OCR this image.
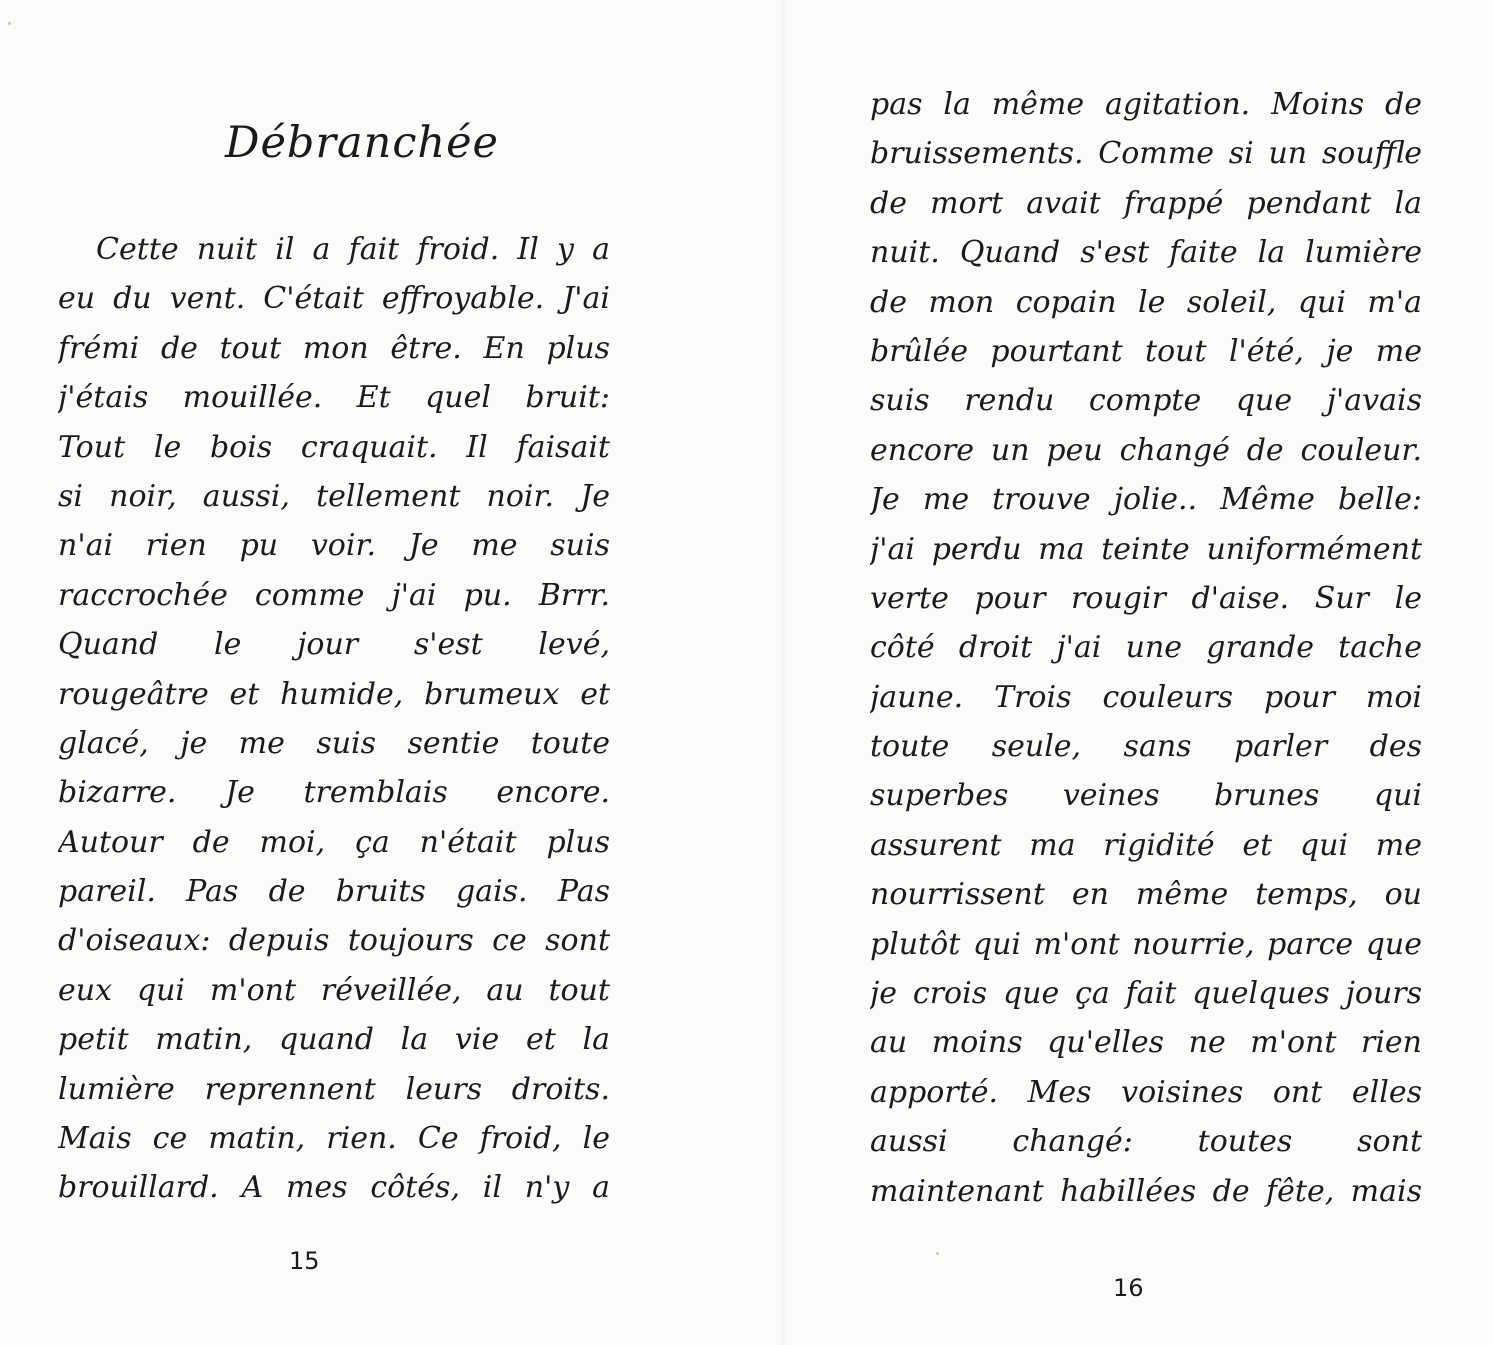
Débranchée
Cette nuit il a fait froid. Il y a
eu du vent. C'était effroyable. J'ai
frémi de tout mon être. En plus
j'étais mouillée. Et quel bruit:
Tout le bois craquait. Il faisait
si noir, aussi, tellement noir. Je
n'ai rien pu voir. Je me suis
raccrochée comme j'ai pu. Brrr.
Quand le jour s'est levé,
rougeâtre et humide, brumeux et
glacé, je me suis sentie toute
bizarre. Je tremblais encore.
Autour de moi, ça n'était plus
pareil. Pas de bruits gais. Pas
d'oiseaux: depuis toujours ce sont
eux qui m'ont réveillée, au tout
petit matin, quand la vie et la
lumière reprennent leurs droits.
Mais ce matin, rien. Ce froid, le
brouillard. A mes côtés, il n'y a
15
pas la même agitation. Moins de
bruissements. Comme si un souffle
de mort avait frappé pendant la
nuit. Quand s'est faite la lumière
de mon copain le soleil, qui m'a
brûlée pourtant tout l'été, je me
suis rendu compte que j'avais
encore un peu changé de couleur.
Je me trouve jolie.. Même belle:
j'ai perdu ma teinte uniformément
verte pour rougir d'aise. Sur le
côté droit j'ai une grande tache
jaune. Trois couleurs pour moi
toute seule, sans parler des
superbes veines brunes qui
assurent ma rigidité et qui me
nourrissent en même temps, ou
plutôt qui m'ont nourrie, parce que
je crois que ça fait quelques jours
au moins qu'elles ne m'ont rien
apporté. Mes voisines ont elles
aussi changé: toutes sont
maintenant habillées de fête, mais
16
